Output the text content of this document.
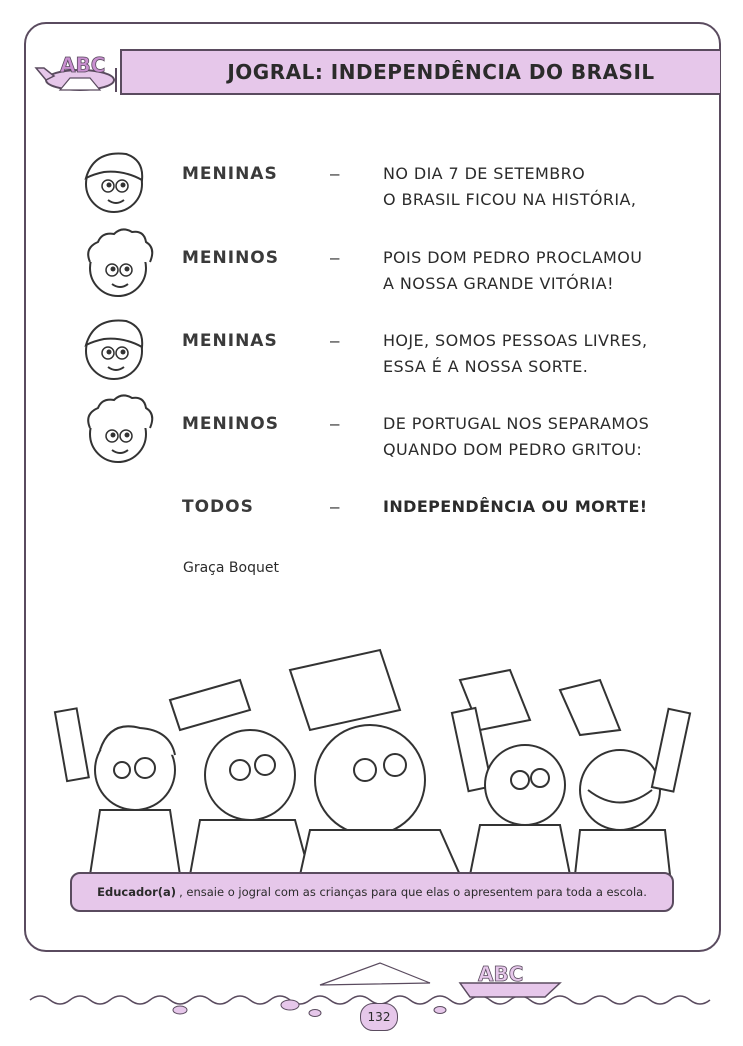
ABC	JOGRAL: INDEPENDÊNCIA DO BRASIL
MENINAS	–	NO DIA 7 DE SETEMBRO
O BRASIL FICOU NA HISTÓRIA,
MENINOS	–	POIS DOM PEDRO PROCLAMOU
A NOSSA GRANDE VITÓRIA!
MENINAS	–	HOJE, SOMOS PESSOAS LIVRES,
ESSA É A NOSSA SORTE.
MENINOS	–	DE PORTUGAL NOS SEPARAMOS
QUANDO DOM PEDRO GRITOU:
TODOS	–	INDEPENDÊNCIA OU MORTE!
Graça Boquet
Educador(a) , ensaie o jogral com as crianças para que elas o apresentem para toda a escola.
ABC
132
